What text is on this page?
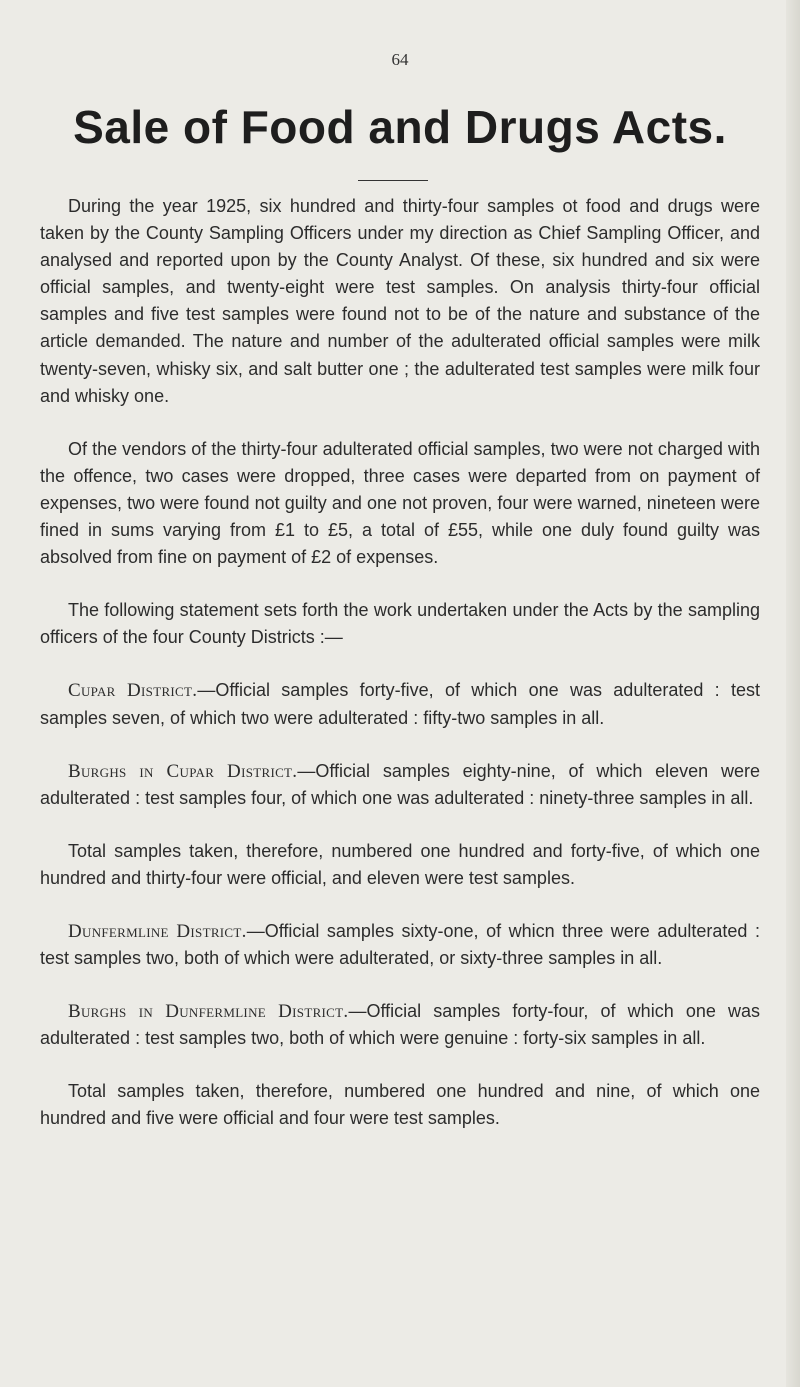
64
Sale of Food and Drugs Acts.

During the year 1925, six hundred and thirty-four samples ot food and drugs were taken by the County Sampling Officers under my direction as Chief Sampling Officer, and analysed and reported upon by the County Analyst. Of these, six hundred and six were official samples, and twenty-eight were test samples. On analysis thirty-four official samples and five test samples were found not to be of the nature and substance of the article demanded. The nature and number of the adulterated official samples were milk twenty-seven, whisky six, and salt butter one ; the adulterated test samples were milk four and whisky one.

Of the vendors of the thirty-four adulterated official samples, two were not charged with the offence, two cases were dropped, three cases were departed from on payment of expenses, two were found not guilty and one not proven, four were warned, nineteen were fined in sums varying from £1 to £5, a total of £55, while one duly found guilty was absolved from fine on payment of £2 of expenses.

The following statement sets forth the work undertaken under the Acts by the sampling officers of the four County Districts :—

Cupar District.—Official samples forty-five, of which one was adulterated : test samples seven, of which two were adulterated : fifty-two samples in all.

Burghs in Cupar District.—Official samples eighty-nine, of which eleven were adulterated : test samples four, of which one was adulterated : ninety-three samples in all.

Total samples taken, therefore, numbered one hundred and forty-five, of which one hundred and thirty-four were official, and eleven were test samples.

Dunfermline District.—Official samples sixty-one, of whicn three were adulterated : test samples two, both of which were adulterated, or sixty-three samples in all.

Burghs in Dunfermline District.—Official samples forty-four, of which one was adulterated : test samples two, both of which were genuine : forty-six samples in all.

Total samples taken, therefore, numbered one hundred and nine, of which one hundred and five were official and four were test samples.
